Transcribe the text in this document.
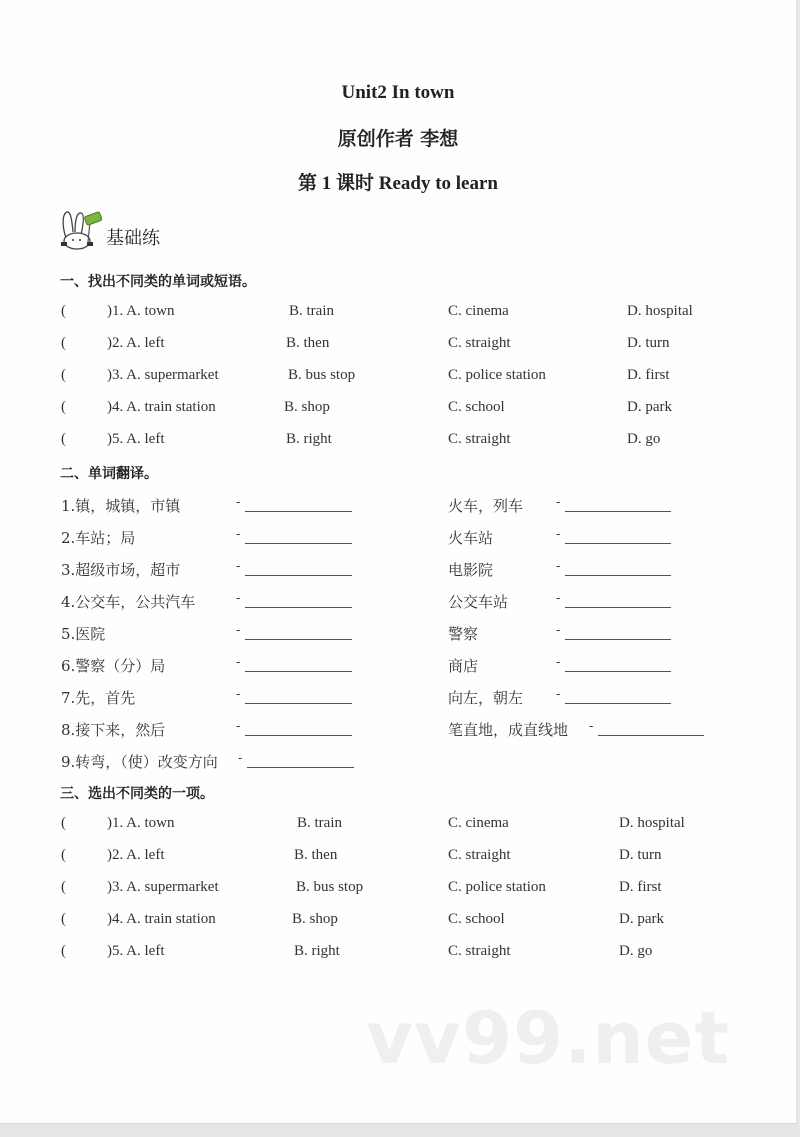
Unit2 In town
原创作者 李想
第 1 课时 Ready to learn
基础练
一、找出不同类的单词或短语。
(	)1. A. town	B. train	C. cinema	D. hospital
(	)2. A. left	B. then	C. straight	D. turn
(	)3. A. supermarket	B. bus stop	C. police station	D. first
(	)4. A. train station	B. shop	C. school	D. park
(	)5. A. left	B. right	C. straight	D. go
二、单词翻译。
1.镇，城镇，市镇	-	火车，列车	-
2.车站；局	-	火车站	-
3.超级市场，超市	-	电影院	-
4.公交车，公共汽车	-	公交车站	-
5.医院	-	警察	-
6.警察（分）局	-	商店	-
7.先，首先	-	向左，朝左	-
8.接下来，然后	-	笔直地，成直线地 -
9.转弯，（使）改变方向 -
三、选出不同类的一项。
(	)1. A. town	B. train	C. cinema	D. hospital
(	)2. A. left	B. then	C. straight	D. turn
(	)3. A. supermarket	B. bus stop	C. police station	D. first
(	)4. A. train station	B. shop	C. school	D. park
(	)5. A. left	B. right	C. straight	D. go
vv99.net
